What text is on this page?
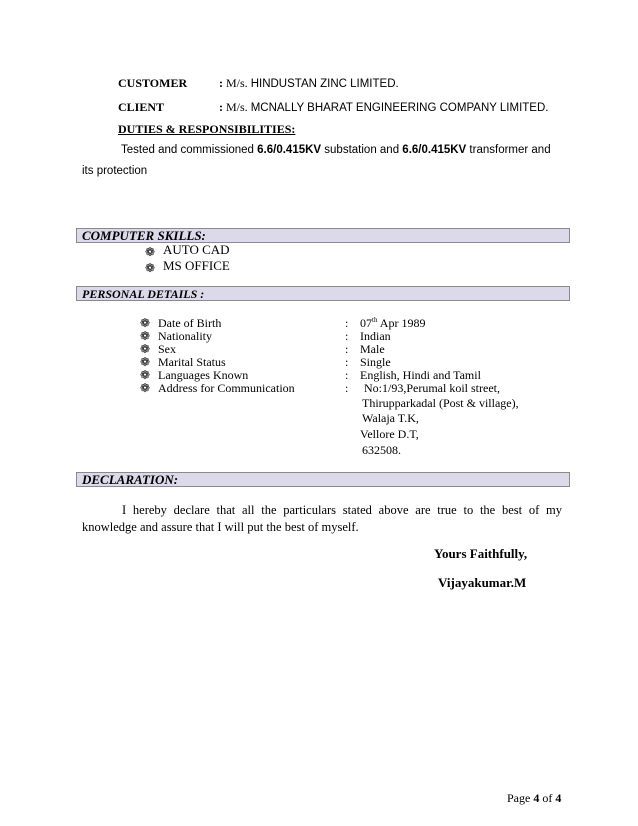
CUSTOMER	: M/s. HINDUSTAN ZINC LIMITED.
CLIENT	: M/s. MCNALLY BHARAT ENGINEERING COMPANY LIMITED.
DUTIES & RESPONSIBILITIES:
Tested and commissioned 6.6/0.415KV substation and 6.6/0.415KV transformer and
its protection
COMPUTER SKILLS:
❁ AUTO CAD
❁ MS OFFICE
PERSONAL DETAILS :
❁ Date of Birth	: 07th Apr 1989
❁ Nationality	: Indian
❁ Sex	: Male
❁ Marital Status	: Single
❁ Languages Known	: English, Hindi and Tamil
❁ Address for Communication	: No:1/93,Perumal koil street,
Thirupparkadal (Post & village),
Walaja T.K,
Vellore D.T,
632508.
DECLARATION:
I hereby declare that all the particulars stated above are true to the best of my knowledge and assure that I will put the best of myself.
Yours Faithfully,
Vijayakumar.M
Page 4 of 4
